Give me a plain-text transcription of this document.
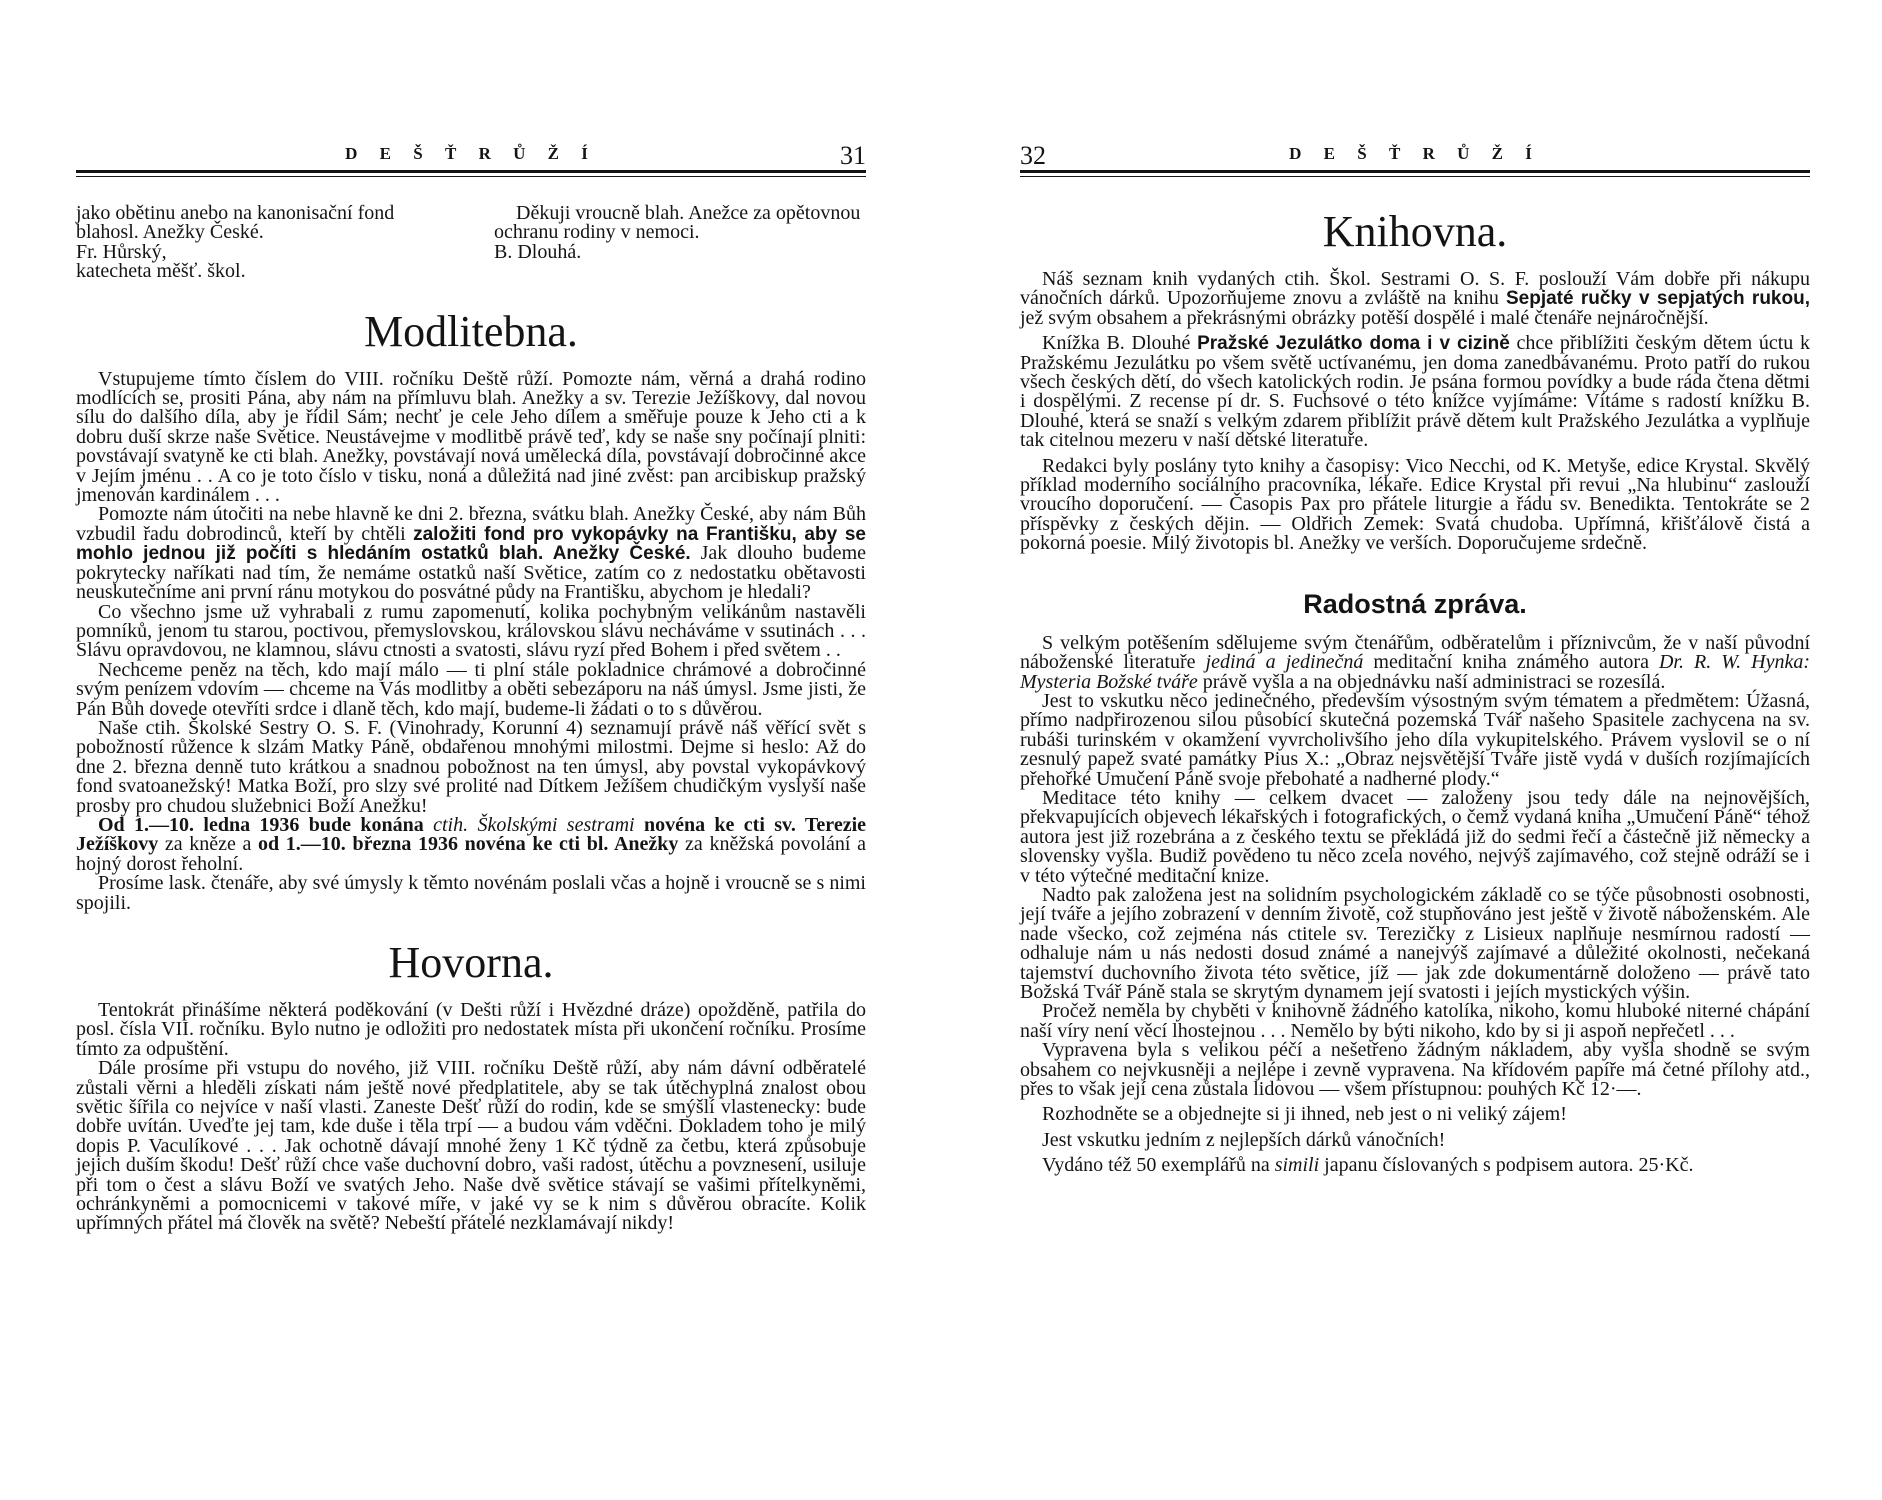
D E Š Ť R Ů Ž Í	31

jako obětinu anebo na kanonisační fond blahosl. Anežky České.

Fr. Hůrský,

katecheta měšť. škol.

Děkuji vroucně blah. Anežce za opětovnou ochranu rodiny v nemoci.

B. Dlouhá.

Modlitebna.

Vstupujeme tímto číslem do VIII. ročníku Deště růží. Pomozte nám, věrná a drahá rodino modlících se, prositi Pána, aby nám na přímluvu blah. Anežky a sv. Terezie Ježíškovy, dal novou sílu do dalšího díla, aby je řídil Sám; nechť je cele Jeho dílem a směřuje pouze k Jeho cti a k dobru duší skrze naše Světice. Neustávejme v modlitbě právě teď, kdy se naše sny počínají plniti: povstávají svatyně ke cti blah. Anežky, povstávají nová umělecká díla, povstávají dobročinné akce v Jejím jménu . . A co je toto číslo v tisku, noná a důležitá nad jiné zvěst: pan arcibiskup pražský jmenován kardinálem . . .

Pomozte nám útočiti na nebe hlavně ke dni 2. března, svátku blah. Anežky České, aby nám Bůh vzbudil řadu dobrodinců, kteří by chtěli založiti fond pro vykopávky na Františku, aby se mohlo jednou již počíti s hledáním ostatků blah. Anežky České. Jak dlouho budeme pokrytecky naříkati nad tím, že nemáme ostatků naší Světice, zatím co z nedostatku obětavosti neuskutečníme ani první ránu motykou do posvátné půdy na Františku, abychom je hledali?

Co všechno jsme už vyhrabali z rumu zapomenutí, kolika pochybným velikánům nastavěli pomníků, jenom tu starou, poctivou, přemyslovskou, královskou slávu necháváme v ssutinách . . . Slávu opravdovou, ne klamnou, slávu ctnosti a svatosti, slávu ryzí před Bohem i před světem . .

Nechceme peněz na těch, kdo mají málo — ti plní stále pokladnice chrámové a dobročinné svým penízem vdovím — chceme na Vás modlitby a oběti sebezáporu na náš úmysl. Jsme jisti, že Pán Bůh dovede otevříti srdce i dlaně těch, kdo mají, budeme-li žádati o to s důvěrou.

Naše ctih. Školské Sestry O. S. F. (Vinohrady, Korunní 4) seznamují právě náš věřící svět s pobožností růžence k slzám Matky Páně, obdařenou mnohými milostmi. Dejme si heslo: Až do dne 2. března denně tuto krátkou a snadnou pobožnost na ten úmysl, aby povstal vykopávkový fond svatoanežský! Matka Boží, pro slzy své prolité nad Dítkem Ježíšem chudičkým vyslyší naše prosby pro chudou služebnici Boží Anežku!

Od 1.—10. ledna 1936 bude konána ctih. Školskými sestrami novéna ke cti sv. Terezie Ježíškovy za kněze a od 1.—10. března 1936 novéna ke cti bl. Anežky za kněžská povolání a hojný dorost řeholní.

Prosíme lask. čtenáře, aby své úmysly k těmto novénám poslali včas a hojně i vroucně se s nimi spojili.

Hovorna.

Tentokrát přinášíme některá poděkování (v Dešti růží i Hvězdné dráze) opožděně, patřila do posl. čísla VII. ročníku. Bylo nutno je odložiti pro nedostatek místa při ukončení ročníku. Prosíme tímto za odpuštění.

Dále prosíme při vstupu do nového, již VIII. ročníku Deště růží, aby nám dávní odběratelé zůstali věrni a hleděli získati nám ještě nové předplatitele, aby se tak útěchyplná znalost obou světic šířila co nejvíce v naší vlasti. Zaneste Dešť růží do rodin, kde se smýšlí vlastenecky: bude dobře uvítán. Uveďte jej tam, kde duše i těla trpí — a budou vám vděčni. Dokladem toho je milý dopis P. Vaculíkové . . . Jak ochotně dávají mnohé ženy 1 Kč týdně za četbu, která způsobuje jejich duším škodu! Dešť růží chce vaše duchovní dobro, vaši radost, útěchu a povznesení, usiluje při tom o čest a slávu Boží ve svatých Jeho. Naše dvě světice stávají se vašimi přítelkyněmi, ochránkyněmi a pomocnicemi v takové míře, v jaké vy se k nim s důvěrou obracíte. Kolik upřímných přátel má člověk na světě? Nebeští přátelé nezklamávají nikdy!

D E Š Ť R Ů Ž Í
32
Knihovna.

Náš seznam knih vydaných ctih. Škol. Sestrami O. S. F. poslouží Vám dobře při nákupu vánočních dárků. Upozorňujeme znovu a zvláště na knihu Sepjaté ručky v sepjatých rukou, jež svým obsahem a překrásnými obrázky potěší dospělé i malé čtenáře nejnáročnější.

Knížka B. Dlouhé Pražské Jezulátko doma i v cizině chce přiblížiti českým dětem úctu k Pražskému Jezulátku po všem světě uctívanému, jen doma zanedbávanému. Proto patří do rukou všech českých dětí, do všech katolických rodin. Je psána formou povídky a bude ráda čtena dětmi i dospělými. Z recense pí dr. S. Fuchsové o této knížce vyjímáme: Vítáme s radostí knížku B. Dlouhé, která se snaží s velkým zdarem přiblížit právě dětem kult Pražského Jezulátka a vyplňuje tak citelnou mezeru v naší dětské literatuře.

Redakci byly poslány tyto knihy a časopisy: Vico Necchi, od K. Metyše, edice Krystal. Skvělý příklad moderního sociálního pracovníka, lékaře. Edice Krystal při revui „Na hlubinu“ zaslouží vroucího doporučení. — Časopis Pax pro přátele liturgie a řádu sv. Benedikta. Tentokráte se 2 příspěvky z českých dějin. — Oldřich Zemek: Svatá chudoba. Upřímná, křišťálově čistá a pokorná poesie. Milý životopis bl. Anežky ve verších. Doporučujeme srdečně.

Radostná zpráva.

S velkým potěšením sdělujeme svým čtenářům, odběratelům i příznivcům, že v naší původní náboženské literatuře jediná a jedinečná meditační kniha známého autora Dr. R. W. Hynka: Mysteria Božské tváře právě vyšla a na objednávku naší administraci se rozesílá.

Jest to vskutku něco jedinečného, především výsostným svým tématem a předmětem: Úžasná, přímo nadpřirozenou silou působící skutečná pozemská Tvář našeho Spasitele zachycena na sv. rubáši turinském v okamžení vyvrcholivšího jeho díla vykupitelského. Právem vyslovil se o ní zesnulý papež svaté památky Pius X.: „Obraz nejsvětější Tváře jistě vydá v duších rozjímajících přehořké Umučení Páně svoje přebohaté a nadherné plody.“

Meditace této knihy — celkem dvacet — založeny jsou tedy dále na nejnovějších, překvapujících objevech lékařských i fotografických, o čemž vydaná kniha „Umučení Páně“ téhož autora jest již rozebrána a z českého textu se překládá již do sedmi řečí a částečně již německy a slovensky vyšla. Budiž povědeno tu něco zcela nového, nejvýš zajímavého, což stejně odráží se i v této výtečné meditační knize.

Nadto pak založena jest na solidním psychologickém základě co se týče působnosti osobnosti, její tváře a jejího zobrazení v denním životě, což stupňováno jest ještě v životě náboženském. Ale nade všecko, což zejména nás ctitele sv. Terezičky z Lisieux naplňuje nesmírnou radostí — odhaluje nám u nás nedosti dosud známé a nanejvýš zajímavé a důležité okolnosti, nečekaná tajemství duchovního života této světice, jíž — jak zde dokumentárně doloženo — právě tato Božská Tvář Páně stala se skrytým dynamem její svatosti i jejích mystických výšin.

Pročež neměla by chyběti v knihovně žádného katolíka, nikoho, komu hluboké niterné chápání naší víry není věcí lhostejnou . . . Nemělo by býti nikoho, kdo by si ji aspoň nepřečetl . . .

Vypravena byla s velikou péčí a nešetřeno žádným nákladem, aby vyšla shodně se svým obsahem co nejvkusněji a nejlépe i zevně vypravena. Na křídovém papíře má četné přílohy atd., přes to však její cena zůstala lidovou — všem přístupnou: pouhých Kč 12·—.

Rozhodněte se a objednejte si ji ihned, neb jest o ni veliký zájem!

Jest vskutku jedním z nejlepších dárků vánočních!

Vydáno též 50 exemplářů na simili japanu číslovaných s podpisem autora. 25·Kč.
